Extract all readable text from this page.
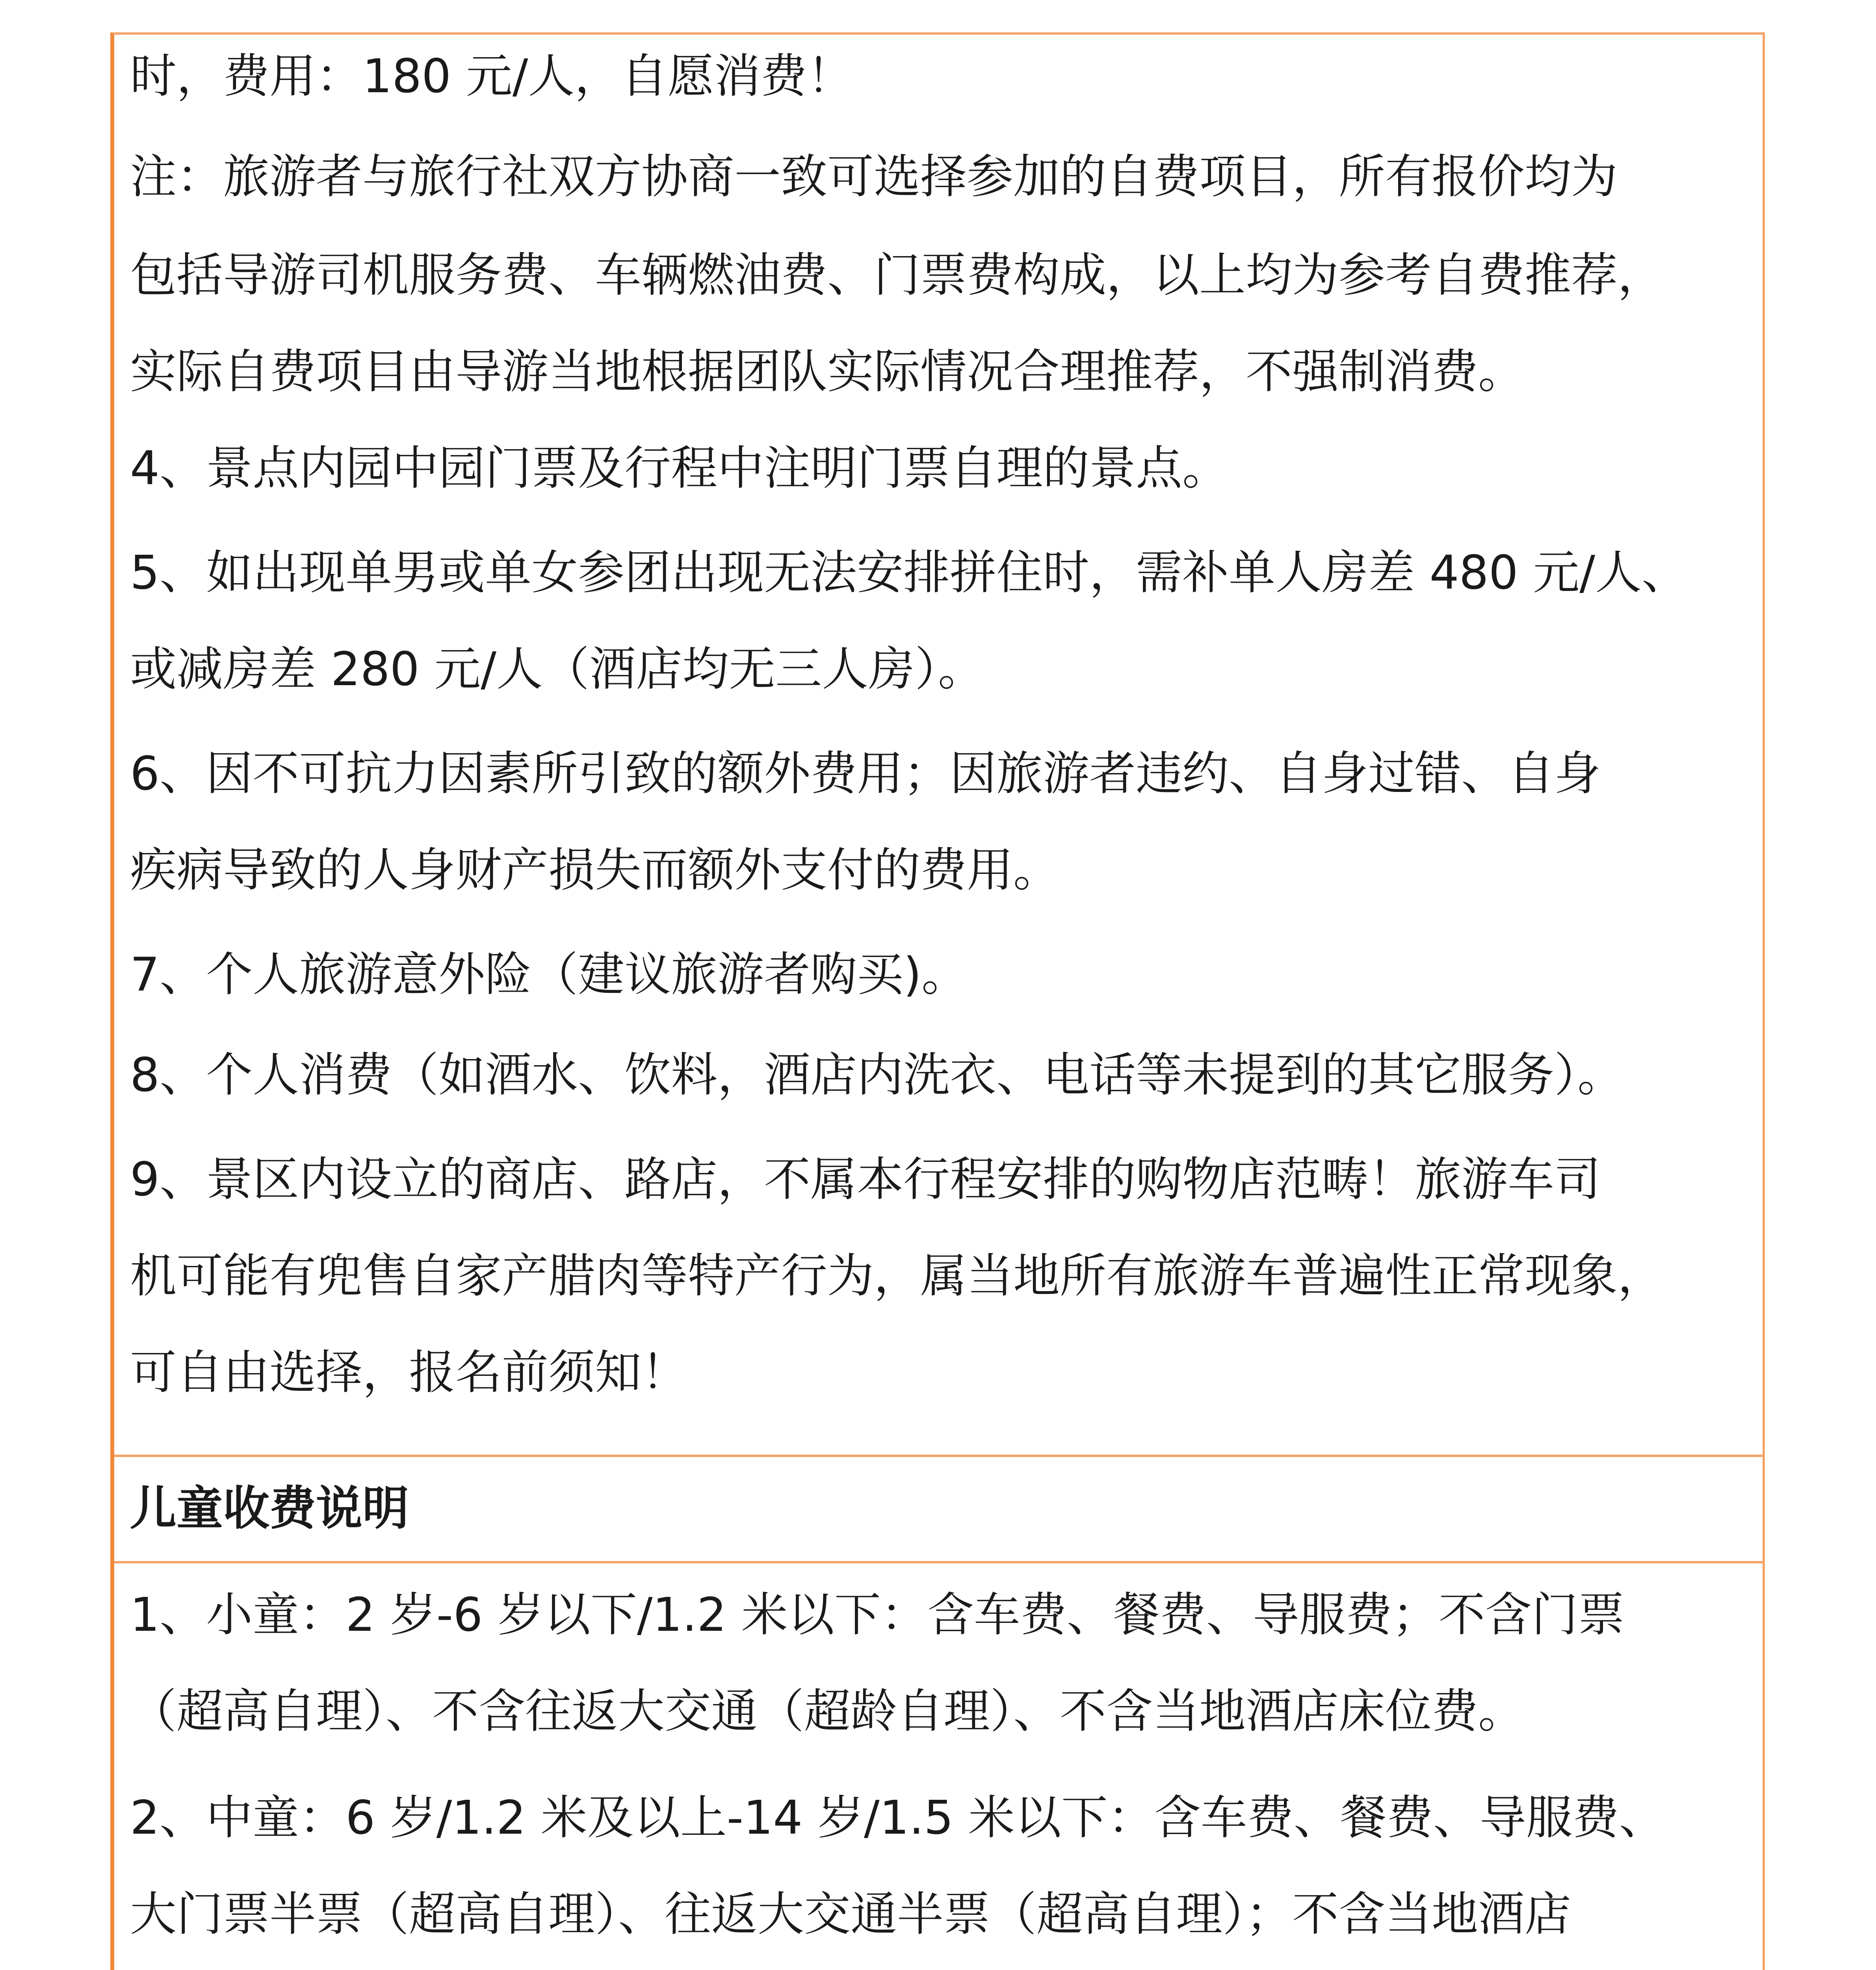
时，费用：180 元/人，自愿消费！
注：旅游者与旅行社双方协商一致可选择参加的自费项目，所有报价均为
包括导游司机服务费、车辆燃油费、门票费构成，以上均为参考自费推荐，
实际自费项目由导游当地根据团队实际情况合理推荐，不强制消费。
4、景点内园中园门票及行程中注明门票自理的景点。
5、如出现单男或单女参团出现无法安排拼住时，需补单人房差 480 元/人、
或减房差 280 元/人（酒店均无三人房）。
6、因不可抗力因素所引致的额外费用；因旅游者违约、自身过错、自身
疾病导致的人身财产损失而额外支付的费用。
7、个人旅游意外险（建议旅游者购买)。
8、个人消费（如酒水、饮料，酒店内洗衣、电话等未提到的其它服务）。
9、景区内设立的商店、路店，不属本行程安排的购物店范畴！旅游车司
机可能有兜售自家产腊肉等特产行为，属当地所有旅游车普遍性正常现象，
可自由选择，报名前须知！
儿童收费说明
1、小童：2 岁-6 岁以下/1.2 米以下：含车费、餐费、导服费；不含门票
（超高自理）、不含往返大交通（超龄自理）、不含当地酒店床位费。
2、中童：6 岁/1.2 米及以上-14 岁/1.5 米以下：含车费、餐费、导服费、
大门票半票（超高自理）、往返大交通半票（超高自理）；不含当地酒店
